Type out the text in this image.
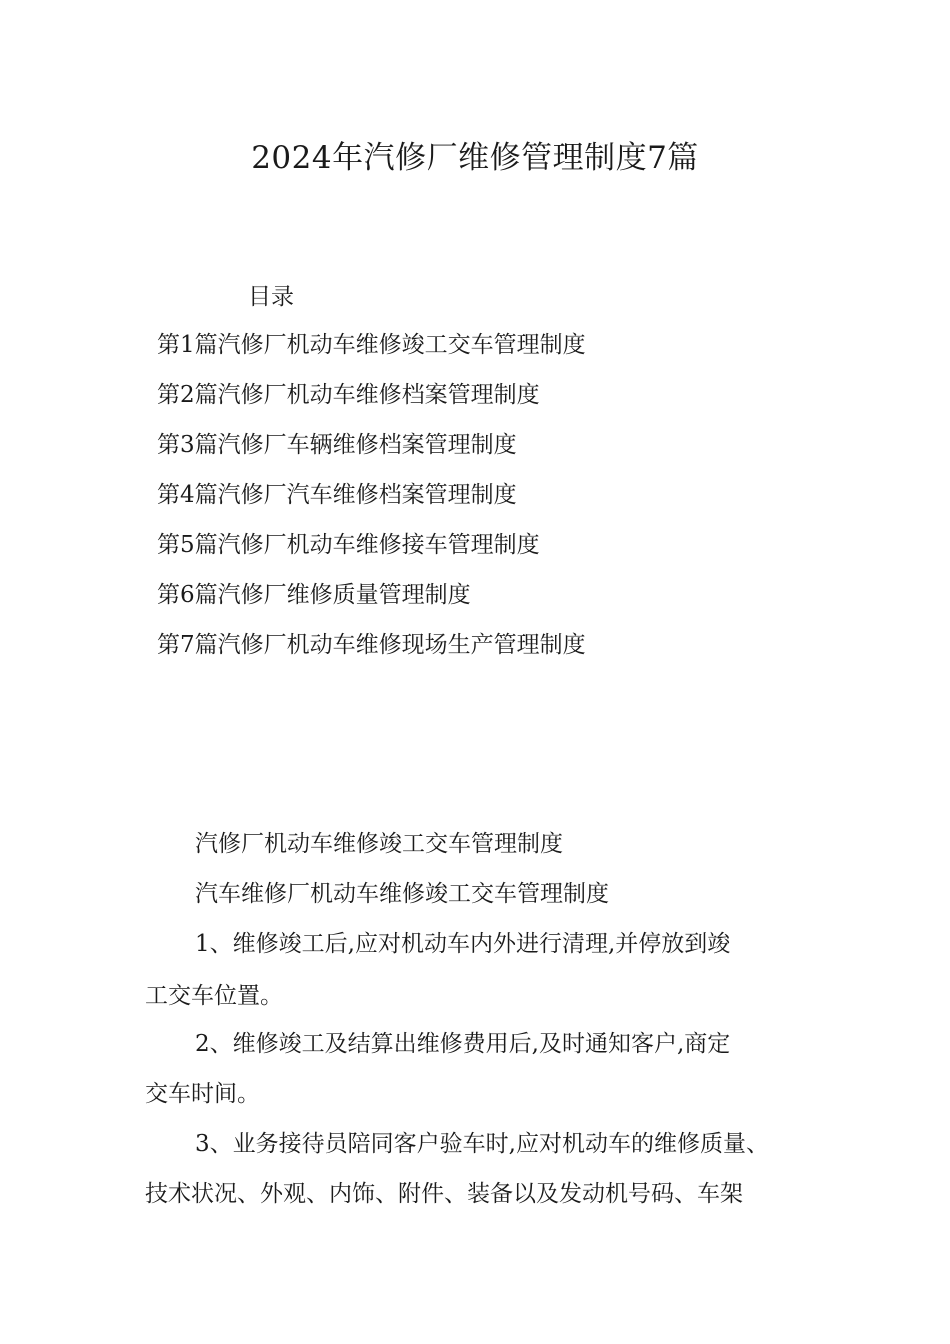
2024年汽修厂维修管理制度7篇
目录
第1篇汽修厂机动车维修竣工交车管理制度
第2篇汽修厂机动车维修档案管理制度
第3篇汽修厂车辆维修档案管理制度
第4篇汽修厂汽车维修档案管理制度
第5篇汽修厂机动车维修接车管理制度
第6篇汽修厂维修质量管理制度
第7篇汽修厂机动车维修现场生产管理制度
汽修厂机动车维修竣工交车管理制度
汽车维修厂机动车维修竣工交车管理制度
1、维修竣工后,应对机动车内外进行清理,并停放到竣
工交车位置。
2、维修竣工及结算出维修费用后,及时通知客户,商定
交车时间。
3、业务接待员陪同客户验车时,应对机动车的维修质量、
技术状况、外观、内饰、附件、装备以及发动机号码、车架
